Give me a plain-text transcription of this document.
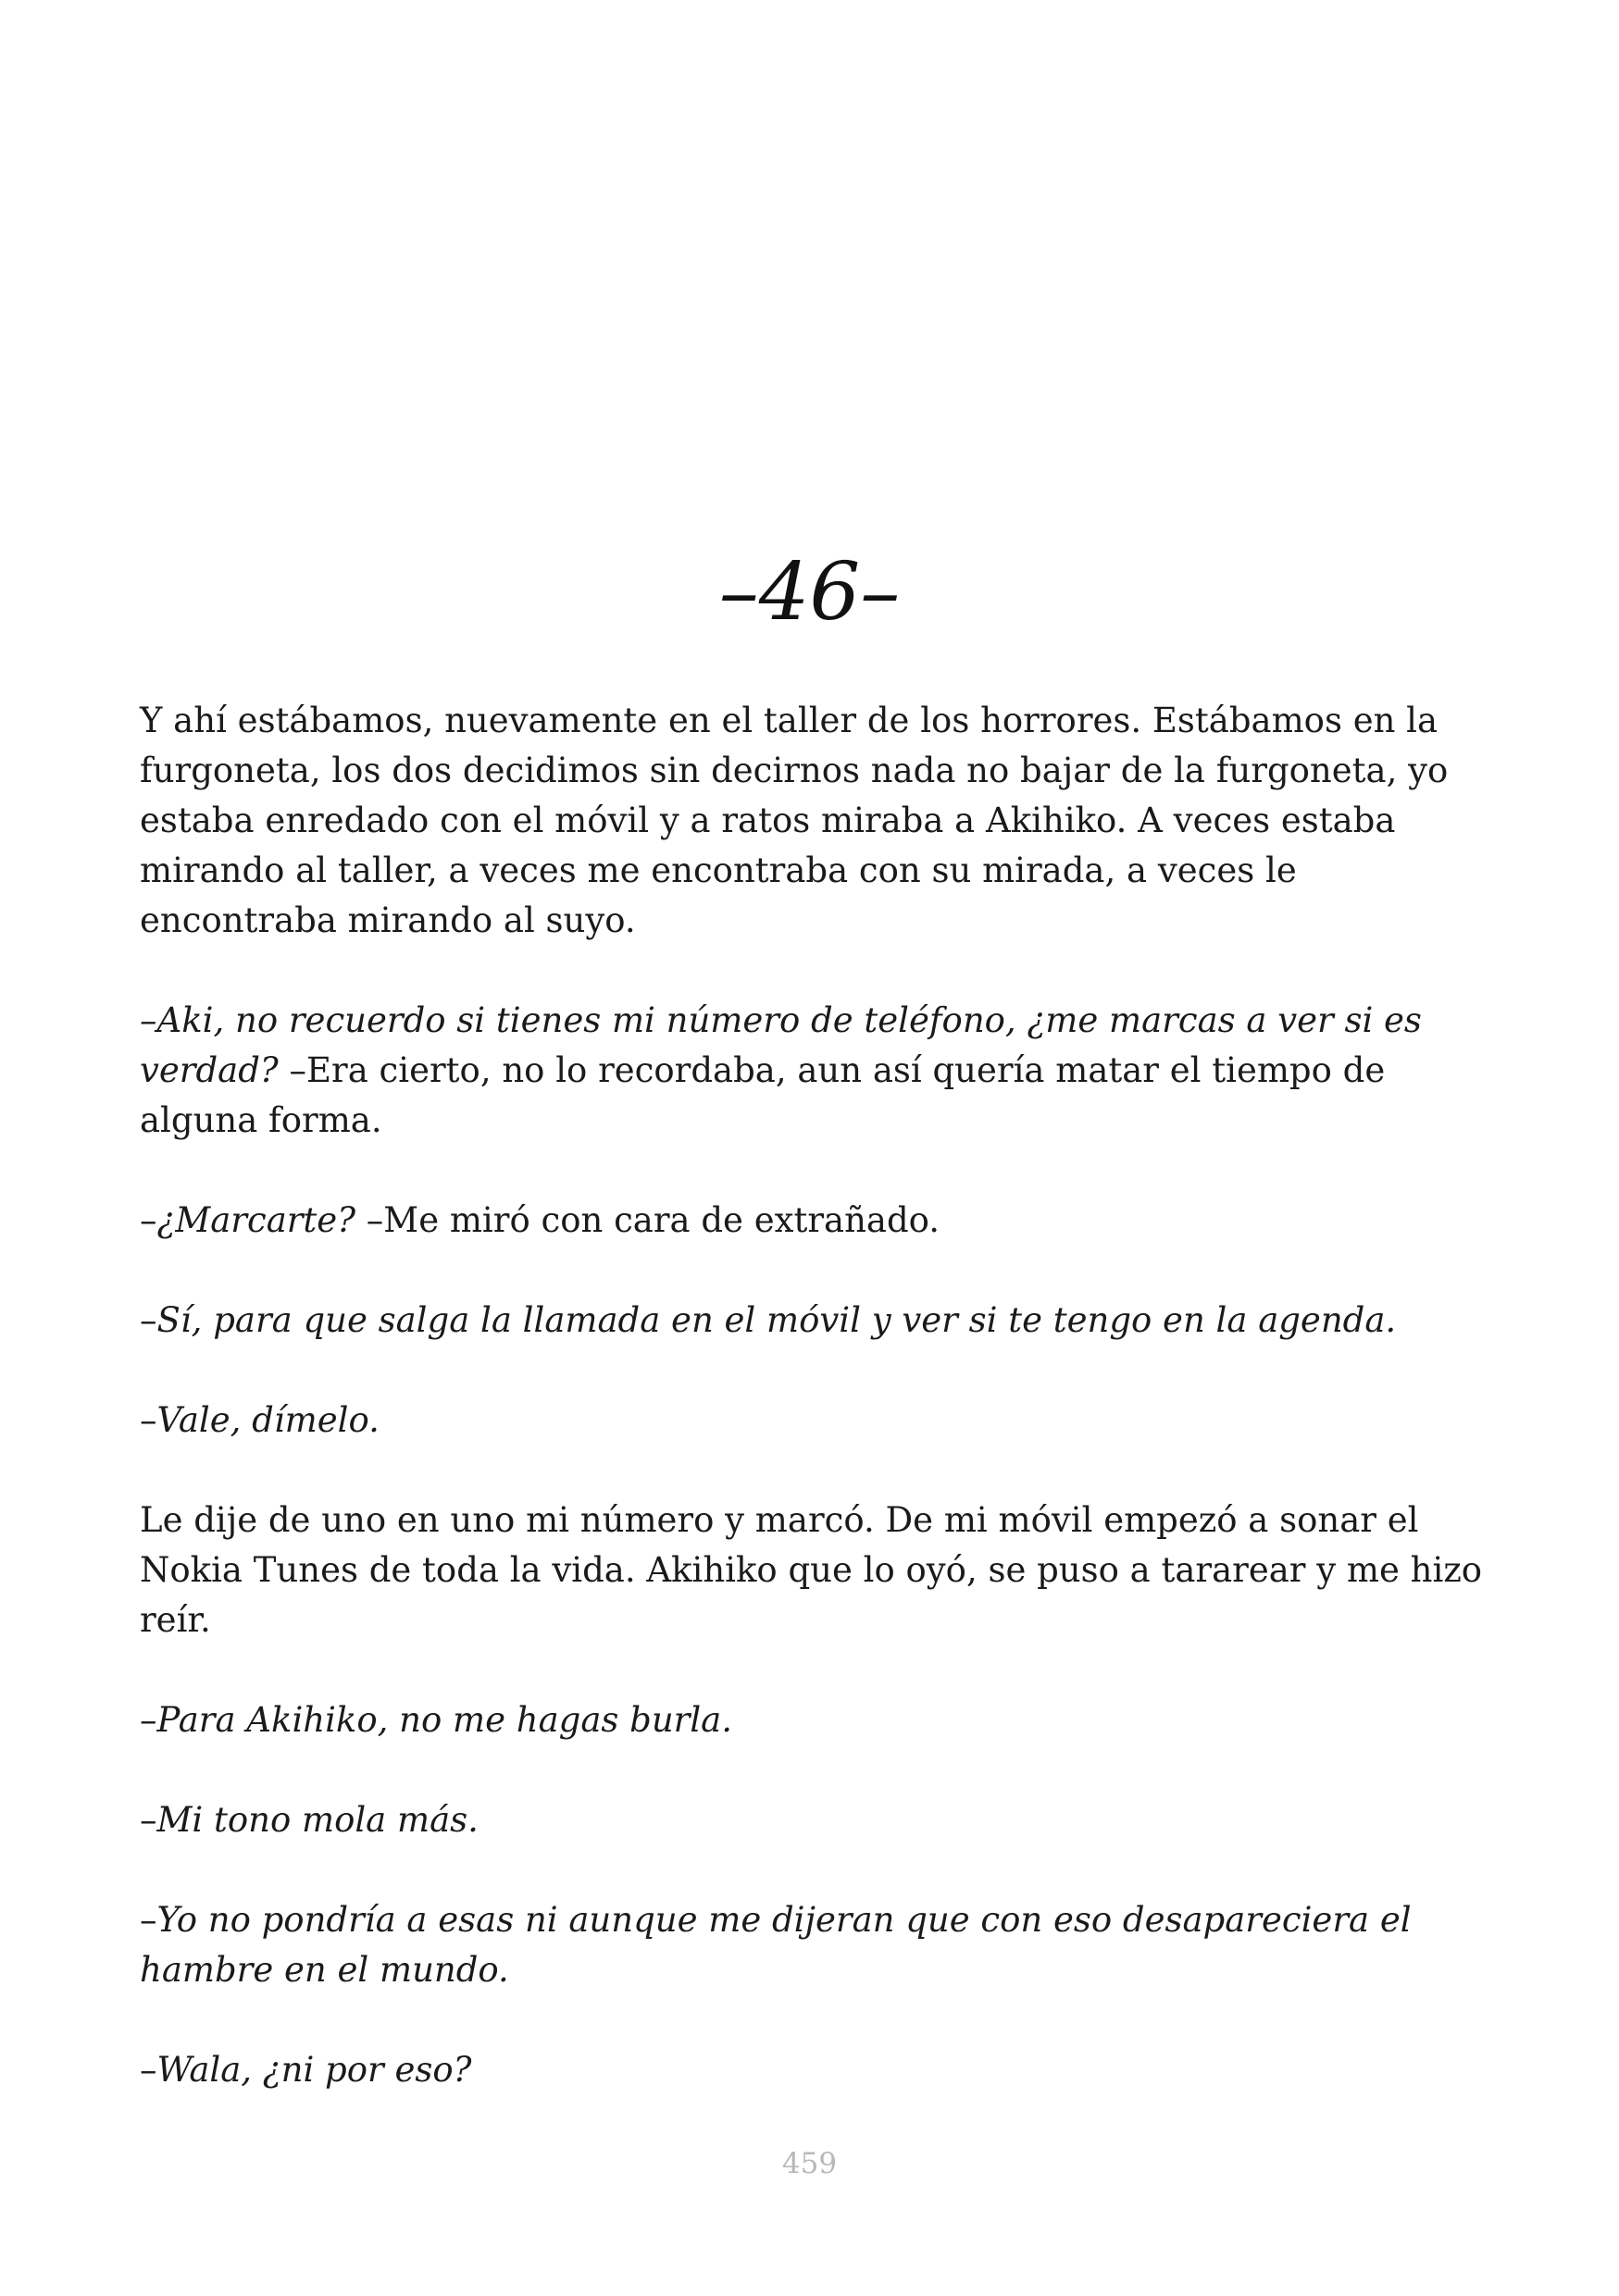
–46–

Y ahí estábamos, nuevamente en el taller de los horrores. Estábamos en la furgoneta, los dos decidimos sin decirnos nada no bajar de la furgoneta, yo estaba enredado con el móvil y a ratos miraba a Akihiko. A veces estaba mirando al taller, a veces me encontraba con su mirada, a veces le encontraba mirando al suyo.

–Aki, no recuerdo si tienes mi número de teléfono, ¿me marcas a ver si es verdad? –Era cierto, no lo recordaba, aun así quería matar el tiempo de alguna forma.

–¿Marcarte? –Me miró con cara de extrañado.

–Sí, para que salga la llamada en el móvil y ver si te tengo en la agenda.

–Vale, dímelo.

Le dije de uno en uno mi número y marcó. De mi móvil empezó a sonar el Nokia Tunes de toda la vida. Akihiko que lo oyó, se puso a tararear y me hizo reír.

–Para Akihiko, no me hagas burla.

–Mi tono mola más.

–Yo no pondría a esas ni aunque me dijeran que con eso desapareciera el hambre en el mundo.

–Wala, ¿ni por eso?

459
